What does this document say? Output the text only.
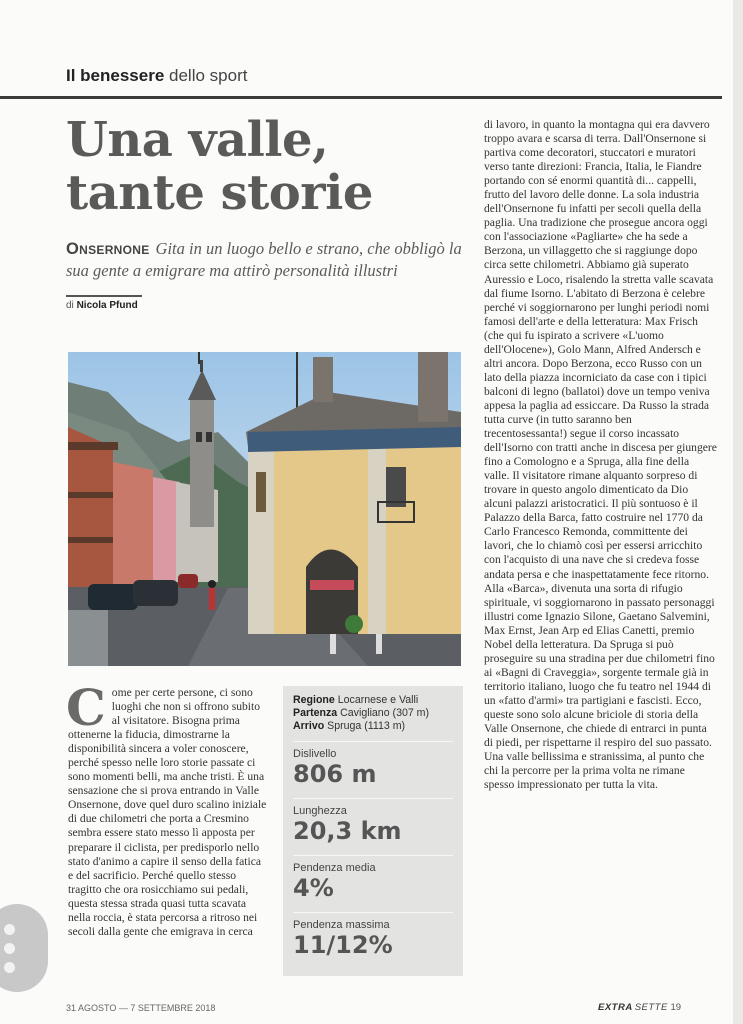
Il benessere dello sport
Una valle,
tante storie
Onsernone Gita in un luogo bello e strano, che obbligò la sua gente a emigrare ma attirò personalità illustri
di Nicola Pfund

di lavoro, in quanto la montagna qui era davvero troppo avara e scarsa di terra. Dall'Onsernone si partiva come decoratori, stuccatori e muratori verso tante direzioni: Francia, Italia, le Fiandre portando con sé enormi quantità di... cappelli, frutto del lavoro delle donne. La sola industria dell'Onsernone fu infatti per secoli quella della paglia. Una tradizione che prosegue ancora oggi con l'associazione «Pagliarte» che ha sede a Berzona, un villaggetto che si raggiunge dopo circa sette chilometri. Abbiamo già superato Auressio e Loco, risalendo la stretta valle scavata dal fiume Isorno. L'abitato di Berzona è celebre perché vi soggiornarono per lunghi periodi nomi famosi dell'arte e della letteratura: Max Frisch (che qui fu ispirato a scrivere «L'uomo dell'Olocene»), Golo Mann, Alfred Andersch e altri ancora. Dopo Berzona, ecco Russo con un lato della piazza incorniciato da case con i tipici balconi di legno (ballatoi) dove un tempo veniva appesa la paglia ad essiccare. Da Russo la strada tutta curve (in tutto saranno ben trecentosessanta!) segue il corso incassato dell'Isorno con tratti anche in discesa per giungere fino a Comologno e a Spruga, alla fine della valle. Il visitatore rimane alquanto sorpreso di trovare in questo angolo dimenticato da Dio alcuni palazzi aristocratici. Il più sontuoso è il Palazzo della Barca, fatto costruire nel 1770 da Carlo Francesco Remonda, committente dei lavori, che lo chiamò così per essersi arricchito con l'acquisto di una nave che si credeva fosse andata persa e che inaspettatamente fece ritorno. Alla «Barca», divenuta una sorta di rifugio spirituale, vi soggiornarono in passato personaggi illustri come Ignazio Silone, Gaetano Salvemini, Max Ernst, Jean Arp ed Elias Canetti, premio Nobel della letteratura. Da Spruga si può proseguire su una stradina per due chilometri fino ai «Bagni di Craveggia», sorgente termale già in territorio italiano, luogo che fu teatro nel 1944 di un «fatto d'armi» tra partigiani e fascisti. Ecco, queste sono solo alcune briciole di storia della Valle Onsernone, che chiede di entrarci in punta di piedi, per rispettarne il respiro del suo passato. Una valle bellissima e stranissima, al punto che chi la percorre per la prima volta ne rimane spesso impressionato per tutta la vita.

C ome per certe persone, ci sono luoghi che non si offrono subito al visitatore. Bisogna prima ottenerne la fiducia, dimostrarne la disponibilità sincera a voler conoscere, perché spesso nelle loro storie passate ci sono momenti belli, ma anche tristi. È una sensazione che si prova entrando in Valle Onsernone, dove quel duro scalino iniziale di due chilometri che porta a Cresmino sembra essere stato messo lì apposta per preparare il ciclista, per predisporlo nello stato d'animo a capire il senso della fatica e del sacrificio. Perché quello stesso tragitto che ora rosicchiamo sui pedali, questa stessa strada quasi tutta scavata nella roccia, è stata percorsa a ritroso nei secoli dalla gente che emigrava in cerca

Regione Locarnese e Valli
Partenza Cavigliano (307 m)
Arrivo Spruga (1113 m)
Dislivello
806 m
Lunghezza
20,3 km
Pendenza media
4%
Pendenza massima
11/12%
31 AGOSTO — 7 SETTEMBRE 2018	EXTRA SETTE 19
